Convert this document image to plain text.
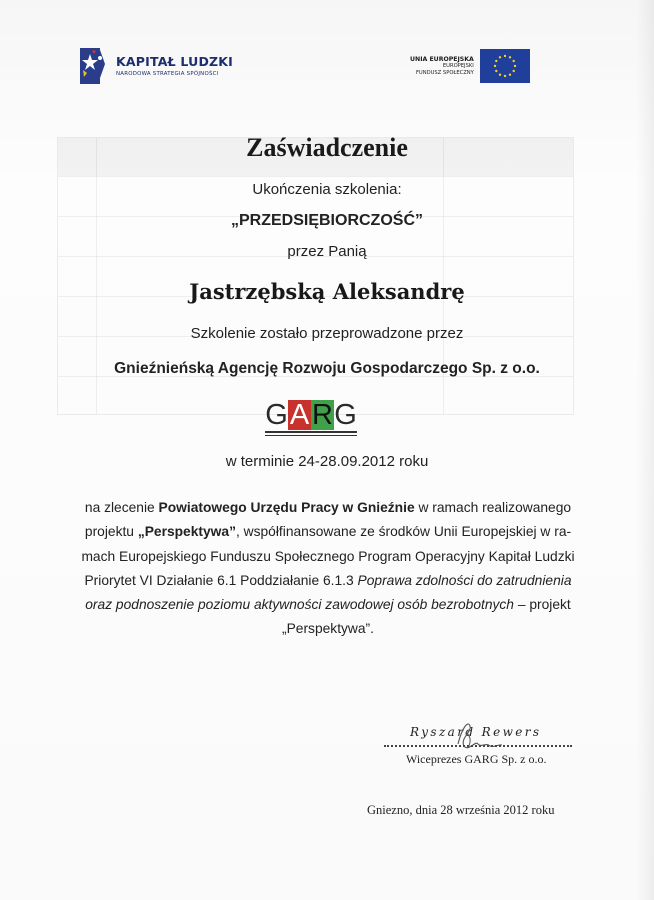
KAPITAŁ LUDZKI
NARODOWA STRATEGIA SPÓJNOŚCI
UNIA EUROPEJSKA
EUROPEJSKI
FUNDUSZ SPOŁECZNY
Zaświadczenie
Ukończenia szkolenia:
„PRZEDSIĘBIORCZOŚĆ”
przez Panią
Jastrzębską Aleksandrę
Szkolenie zostało przeprowadzone przez
Gnieźnieńską Agencję Rozwoju Gospodarczego Sp. z o.o.
GARG
w terminie 24-28.09.2012 roku
na zlecenie Powiatowego Urzędu Pracy w Gnieźnie w ramach realizowanego projektu „Perspektywa”, współfinansowane ze środków Unii Europejskiej w ra-mach Europejskiego Funduszu Społecznego Program Operacyjny Kapitał Ludzki Priorytet VI Działanie 6.1 Poddziałanie 6.1.3 Poprawa zdolności do zatrudnienia oraz podnoszenie poziomu aktywności zawodowej osób bezrobotnych – projekt „Perspektywa”.
Ryszard Rewers
Wiceprezes GARG Sp. z o.o.
Gniezno, dnia 28 września 2012 roku
